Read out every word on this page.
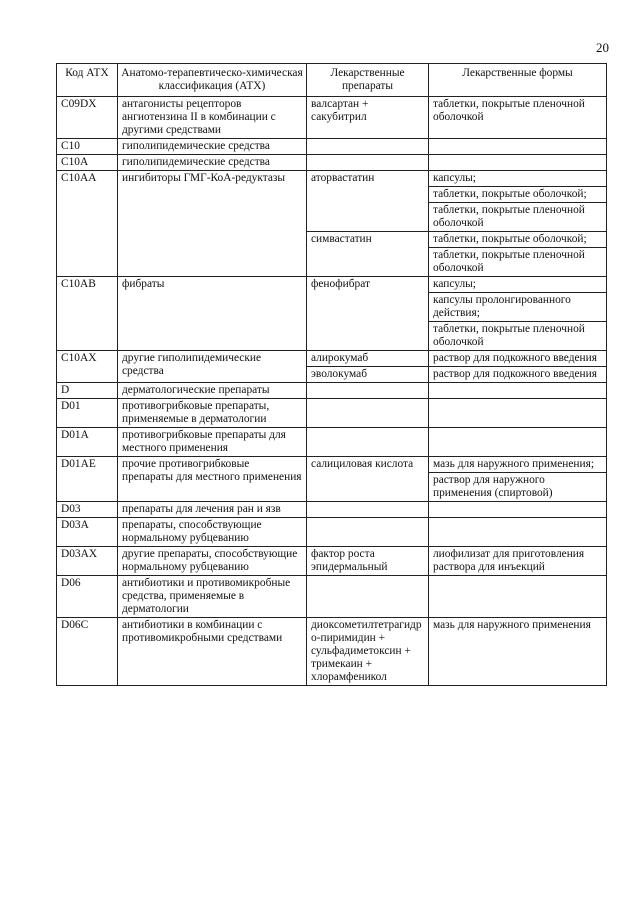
20
Код АТХ	Анатомо-терапевтическо-химическая классификация (АТХ)	Лекарственные препараты	Лекарственные формы
C09DX	антагонисты рецепторов ангиотензина II в комбинации с другими средствами	валсартан + сакубитрил	таблетки, покрытые пленочной оболочкой
C10	гиполипидемические средства		
C10A	гиполипидемические средства		
C10AA	ингибиторы ГМГ-КоА-редуктазы	аторвастатин	капсулы;
			таблетки, покрытые оболочкой;
			таблетки, покрытые пленочной оболочкой
		симвастатин	таблетки, покрытые оболочкой;
			таблетки, покрытые пленочной оболочкой
C10AB	фибраты	фенофибрат	капсулы;
			капсулы пролонгированного действия;
			таблетки, покрытые пленочной оболочкой
C10AX	другие гиполипидемические средства	алирокумаб	раствор для подкожного введения
		эволокумаб	раствор для подкожного введения
D	дерматологические препараты		
D01	противогрибковые препараты, применяемые в дерматологии		
D01A	противогрибковые препараты для местного применения		
D01AE	прочие противогрибковые препараты для местного применения	салициловая кислота	мазь для наружного применения;
			раствор для наружного применения (спиртовой)
D03	препараты для лечения ран и язв		
D03A	препараты, способствующие нормальному рубцеванию		
D03AX	другие препараты, способствующие нормальному рубцеванию	фактор роста эпидермальный	лиофилизат для приготовления раствора для инъекций
D06	антибиотики и противомикробные средства, применяемые в дерматологии		
D06C	антибиотики в комбинации с противомикробными средствами	диоксометилтетрагидро-пиримидин + сульфадиметоксин + тримекаин + хлорамфеникол	мазь для наружного применения
